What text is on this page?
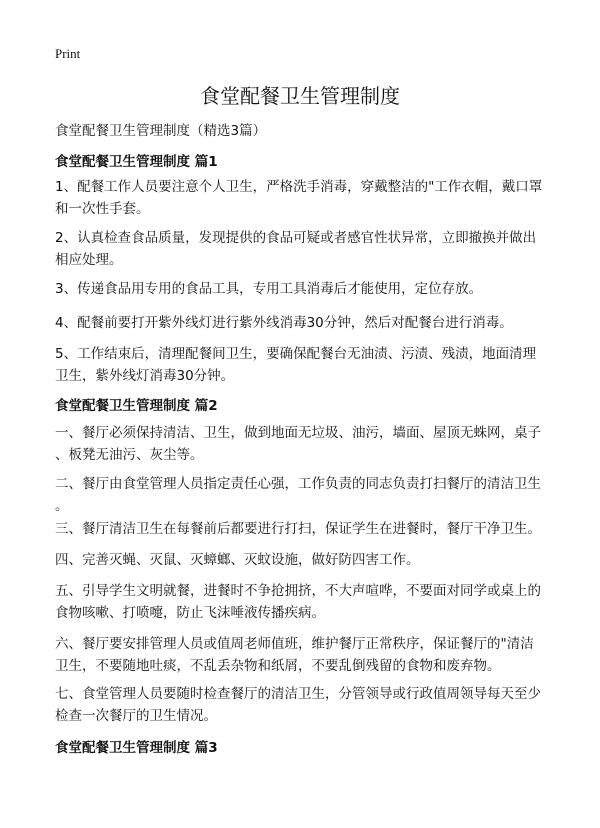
Print
食堂配餐卫生管理制度
食堂配餐卫生管理制度（精选3篇）
食堂配餐卫生管理制度 篇1
1、配餐工作人员要注意个人卫生，严格洗手消毒，穿戴整洁的"工作衣帽，戴口罩
和一次性手套。
2、认真检查食品质量，发现提供的食品可疑或者感官性状异常，立即撤换并做出
相应处理。
3、传递食品用专用的食品工具，专用工具消毒后才能使用，定位存放。
4、配餐前要打开紫外线灯进行紫外线消毒30分钟，然后对配餐台进行消毒。
5、工作结束后，清理配餐间卫生，要确保配餐台无油渍、污渍、残渍，地面清理
卫生，紫外线灯消毒30分钟。
食堂配餐卫生管理制度 篇2
一、餐厅必须保持清洁、卫生，做到地面无垃圾、油污，墙面、屋顶无蛛网，桌子
、板凳无油污、灰尘等。
二、餐厅由食堂管理人员指定责任心强，工作负责的同志负责打扫餐厅的清洁卫生
。
三、餐厅清洁卫生在每餐前后都要进行打扫，保证学生在进餐时，餐厅干净卫生。
四、完善灭蝇、灭鼠、灭蟑螂、灭蚊设施，做好防四害工作。
五、引导学生文明就餐，进餐时不争抢拥挤，不大声喧哗，不要面对同学或桌上的
食物咳嗽、打喷嚏，防止飞沫唾液传播疾病。
六、餐厅要安排管理人员或值周老师值班，维护餐厅正常秩序，保证餐厅的"清洁
卫生，不要随地吐痰，不乱丢杂物和纸屑，不要乱倒残留的食物和废弃物。
七、食堂管理人员要随时检查餐厅的清洁卫生，分管领导或行政值周领导每天至少
检查一次餐厅的卫生情况。
食堂配餐卫生管理制度 篇3
